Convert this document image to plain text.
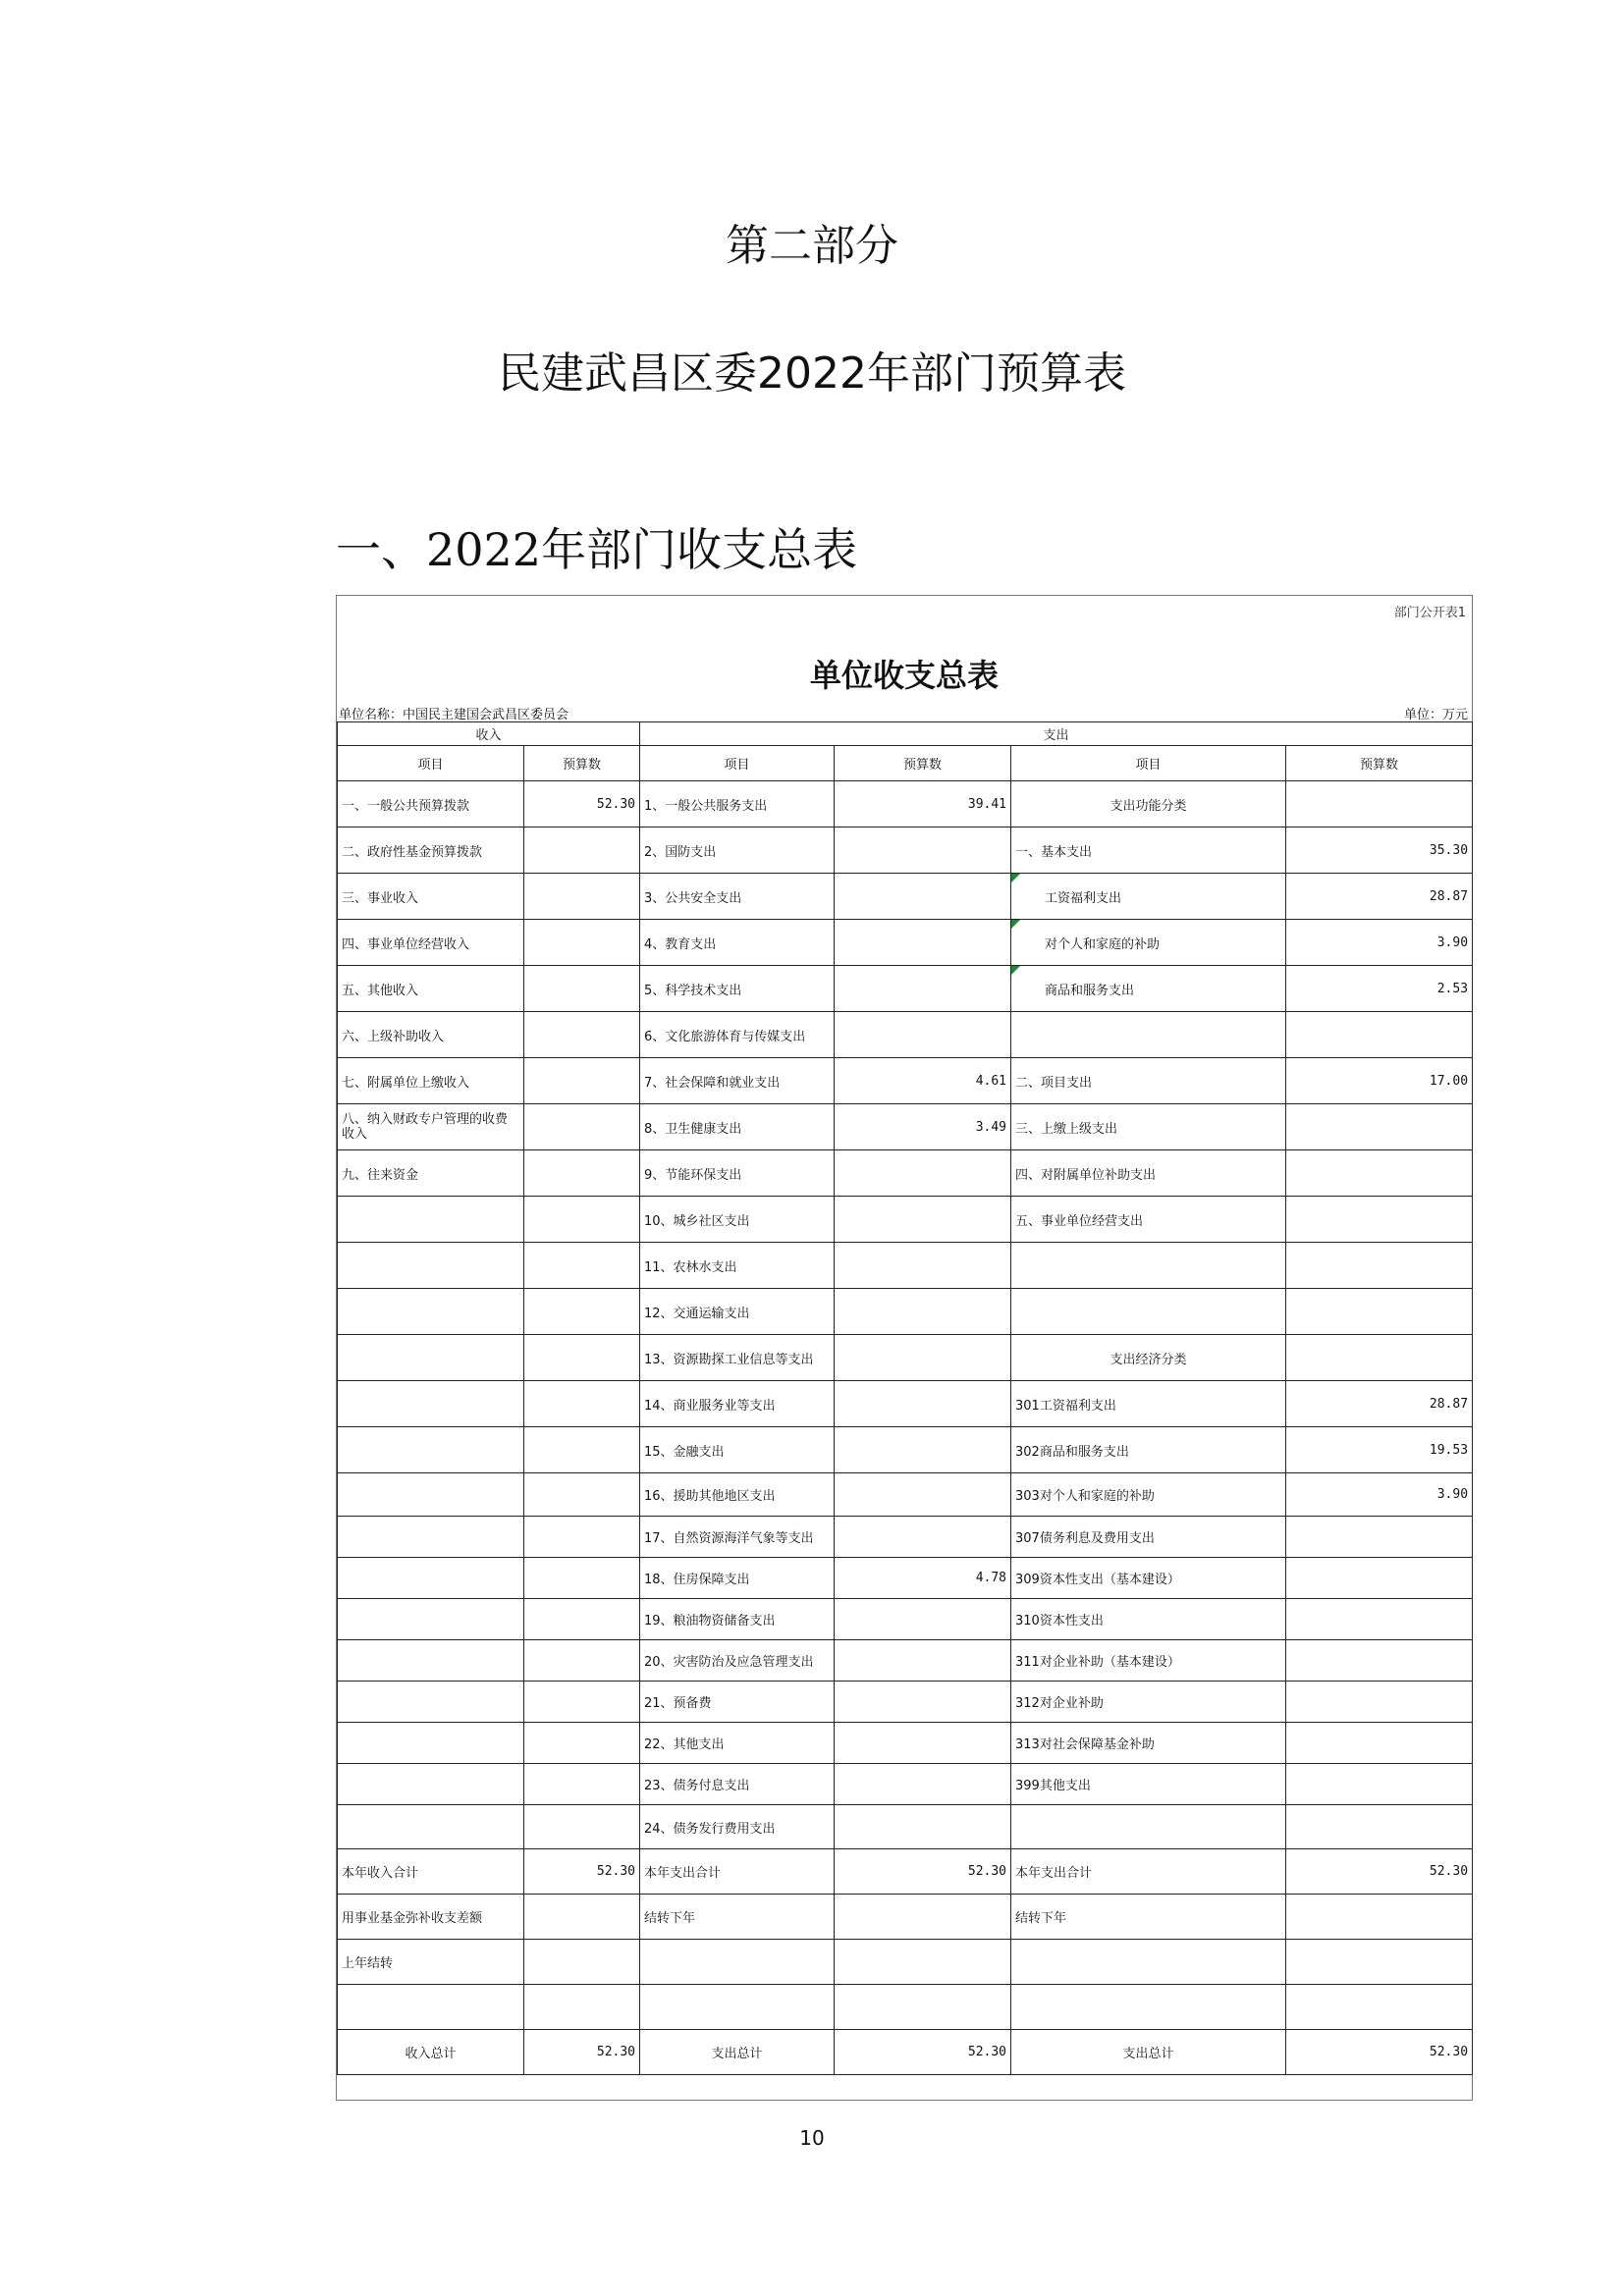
第二部分
民建武昌区委2022年部门预算表
一、2022年部门收支总表
部门公开表1
单位收支总表
单位名称：中国民主建国会武昌区委员会	单位：万元
收入		支出			
项目	预算数	项目	预算数	项目	预算数
一、一般公共预算拨款	52.30	1、一般公共服务支出	39.41	支出功能分类	
二、政府性基金预算拨款		2、国防支出		一、基本支出	35.30
三、事业收入		3、公共安全支出		工资福利支出	28.87
四、事业单位经营收入		4、教育支出		对个人和家庭的补助	3.90
五、其他收入		5、科学技术支出		商品和服务支出	2.53
六、上级补助收入		6、文化旅游体育与传媒支出			
七、附属单位上缴收入		7、社会保障和就业支出	4.61	二、项目支出	17.00
八、纳入财政专户管理的收费收入		8、卫生健康支出	3.49	三、上缴上级支出	
九、往来资金		9、节能环保支出		四、对附属单位补助支出	
		10、城乡社区支出		五、事业单位经营支出	
		11、农林水支出			
		12、交通运输支出			
		13、资源勘探工业信息等支出		支出经济分类	
		14、商业服务业等支出		301工资福利支出	28.87
		15、金融支出		302商品和服务支出	19.53
		16、援助其他地区支出		303对个人和家庭的补助	3.90
		17、自然资源海洋气象等支出		307债务利息及费用支出	
		18、住房保障支出	4.78	309资本性支出（基本建设）	
		19、粮油物资储备支出		310资本性支出	
		20、灾害防治及应急管理支出		311对企业补助（基本建设）	
		21、预备费		312对企业补助	
		22、其他支出		313对社会保障基金补助	
		23、债务付息支出		399其他支出	
		24、债务发行费用支出			
本年收入合计	52.30	本年支出合计	52.30	本年支出合计	52.30
用事业基金弥补收支差额		结转下年		结转下年	
上年结转					

收入总计	52.30	支出总计	52.30	支出总计	52.30
10
